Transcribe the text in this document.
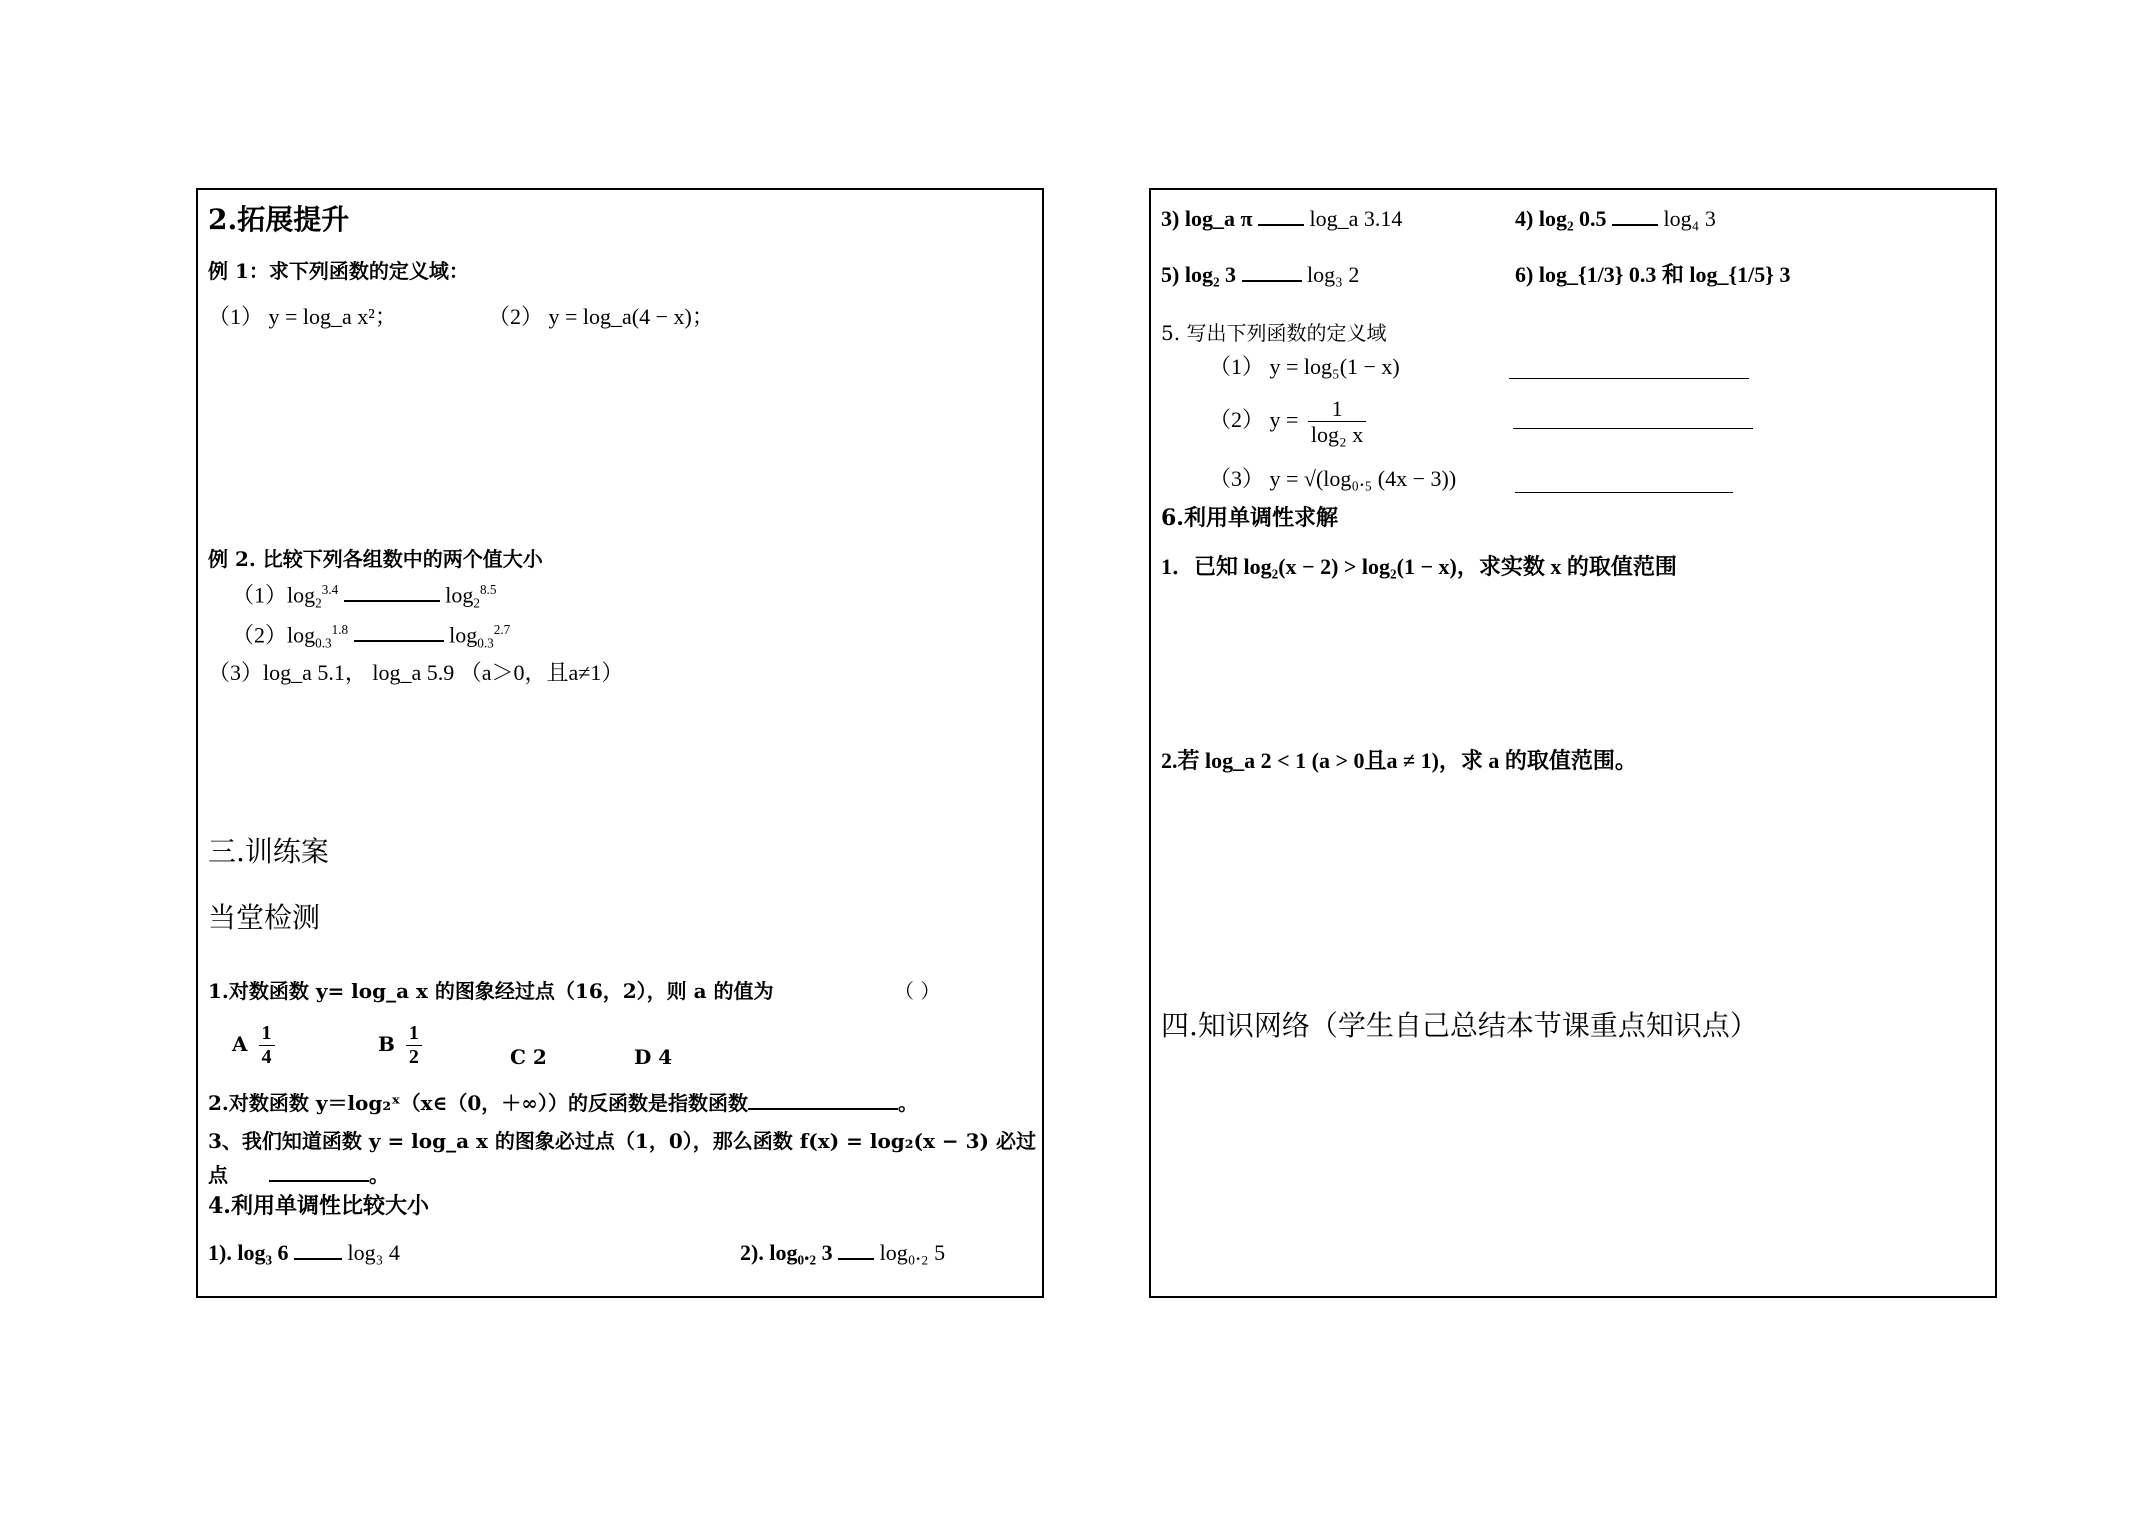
2.拓展提升
例 1：求下列函数的定义域：
（1） y = log_a x²；	（2） y = log_a(4 − x)；
例 2. 比较下列各组数中的两个值大小
$(1)\log_2^{3.4}$	$\log_2^{8.5}$
$(2)\log_{0.3}^{1.8}$	$\log_{0.3}^{2.7}$
（3）log_a 5.1， log_a 5.9 （a＞0，且a≠1）
三.训练案
当堂检测
1.对数函数 y= log_a x 的图象经过点（16，2），则 a 的值为	（ ）
A $\frac{1}{4}$	B $\frac{1}{2}$	C 2	D 4
2.对数函数 y＝log₂ˣ（x∈（0，＋∞））的反函数是指数函数	。
3、我们知道函数 y = log_a x 的图象必过点（1，0），那么函数 f(x) = log₂(x − 3) 必过
点	。
4.利用单调性比较大小
1). log₃ 6	log₃ 4	2). log₀.₂ 3 log₀.₂ 5
3) log_a π	log_a 3.14	4) log₂ 0.5	log₄ 3
5) log₂ 3	log₃ 2	6) log_{1/3} 0.3 和 log_{1/5} 3
5. 写出下列函数的定义域
（1） y = log₅(1 − x)
（2） $y = \frac{1}{\text{log₂ x}}$
（3） y = √(log₀.₅ (4x − 3))
6.利用单调性求解
1．已知 log₂(x − 2) > log₂(1 − x)，求实数 x 的取值范围
2.若 log_a 2 < 1 (a > 0且a ≠ 1)，求 a 的取值范围。
四.知识网络（学生自己总结本节课重点知识点）
